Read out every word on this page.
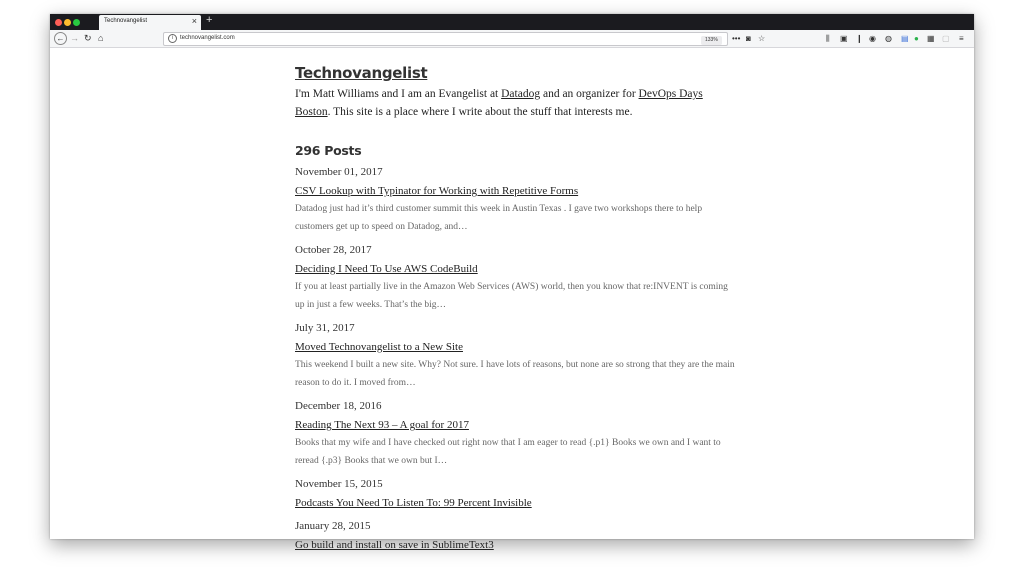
Technovangelist	× +
← → ↻ ⌂	i	technovangelist.com	133%	••• ◙ ☆	⫼ ▣ ❙ ◉ ◍ ▤ ● ▦ ▢ ≡
Technovangelist
I'm Matt Williams and I am an Evangelist at Datadog and an organizer for DevOps Days Boston. This site is a place where I write about the stuff that interests me.
296 Posts
November 01, 2017
CSV Lookup with Typinator for Working with Repetitive Forms
Datadog just had it’s third customer summit this week in Austin Texas . I gave two workshops there to help customers get up to speed on Datadog, and…
October 28, 2017
Deciding I Need To Use AWS CodeBuild
If you at least partially live in the Amazon Web Services (AWS) world, then you know that re:INVENT is coming up in just a few weeks. That’s the big…
July 31, 2017
Moved Technovangelist to a New Site
This weekend I built a new site. Why? Not sure. I have lots of reasons, but none are so strong that they are the main reason to do it. I moved from…
December 18, 2016
Reading The Next 93 – A goal for 2017
Books that my wife and I have checked out right now that I am eager to read {.p1} Books we own and I want to reread {.p3} Books that we own but I…
November 15, 2015
Podcasts You Need To Listen To: 99 Percent Invisible
January 28, 2015
Go build and install on save in SublimeText3
